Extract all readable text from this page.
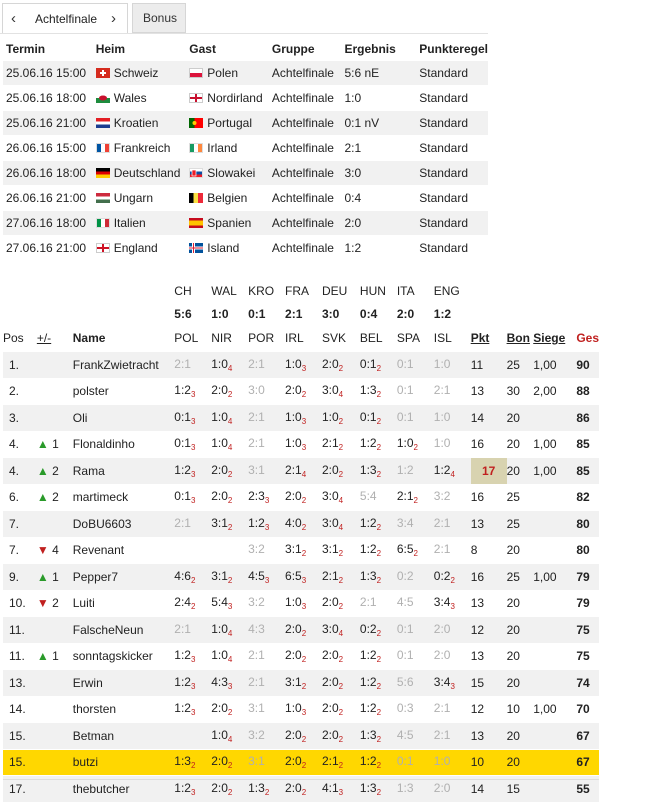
‹ Achtelfinale ›	Bonus
Termin	Heim	Gast	Gruppe	Ergebnis	Punkteregel
25.06.16 15:00	Schweiz	Polen	Achtelfinale	5:6 nE	Standard
25.06.16 18:00	Wales	Nordirland	Achtelfinale	1:0	Standard
25.06.16 21:00	Kroatien	Portugal	Achtelfinale	0:1 nV	Standard
26.06.16 15:00	Frankreich	Irland	Achtelfinale	2:1	Standard
26.06.16 18:00	Deutschland	Slowakei	Achtelfinale	3:0	Standard
26.06.16 21:00	Ungarn	Belgien	Achtelfinale	0:4	Standard
27.06.16 18:00	Italien	Spanien	Achtelfinale	2:0	Standard
27.06.16 21:00	England	Island	Achtelfinale	1:2	Standard
			CH	WAL	KRO	FRA	DEU	HUN	ITA	ENG				
			5:6	1:0	0:1	2:1	3:0	0:4	2:0	1:2				
Pos	+/-	Name	POL	NIR	POR	IRL	SVK	BEL	SPA	ISL	Pkt	Bon	Siege	Ges
1.		FrankZwietracht	2:1	$1:0_4$	2:1	$1:0_3$	$2:0_2$	$0:1_2$	0:1	1:0	11	25	1,00	90
2.		polster	$1:2_3$	$2:0_2$	3:0	$2:0_2$	$3:0_4$	$1:3_2$	0:1	2:1	13	30	2,00	88
3.		Oli	$0:1_3$	$1:0_4$	2:1	$1:0_3$	$1:0_2$	$0:1_2$	0:1	1:0	14	20		86
4.	▲ 1	Flonaldinho	$0:1_3$	$1:0_4$	2:1	$1:0_3$	$2:1_2$	$1:2_2$	$1:0_2$	1:0	16	20	1,00	85
4.	▲ 2	Rama	$1:2_3$	$2:0_2$	3:1	$2:1_4$	$2:0_2$	$1:3_2$	1:2	$1:2_4$	17	20	1,00	85
6.	▲ 2	martimeck	$0:1_3$	$2:0_2$	$2:3_3$	$2:0_2$	$3:0_4$	5:4	$2:1_2$	3:2	16	25		82
7.		DoBU6603	2:1	$3:1_2$	$1:2_3$	$4:0_2$	$3:0_4$	$1:2_2$	3:4	2:1	13	25		80
7.	▼ 4	Revenant			3:2	$3:1_2$	$3:1_2$	$1:2_2$	$6:5_2$	2:1	8	20		80
9.	▲ 1	Pepper7	$4:6_2$	$3:1_2$	$4:5_3$	$6:5_3$	$2:1_2$	$1:3_2$	0:2	$0:2_2$	16	25	1,00	79
10.	▼ 2	Luiti	$2:4_2$	$5:4_3$	3:2	$1:0_3$	$2:0_2$	2:1	4:5	$3:4_3$	13	20		79
11.		FalscheNeun	2:1	$1:0_4$	4:3	$2:0_2$	$3:0_4$	$0:2_2$	0:1	2:0	12	20		75
11.	▲ 1	sonntagskicker	$1:2_3$	$1:0_4$	2:1	$2:0_2$	$2:0_2$	$1:2_2$	0:1	2:0	13	20		75
13.		Erwin	$1:2_3$	$4:3_3$	2:1	$3:1_2$	$2:0_2$	$1:2_2$	5:6	$3:4_3$	15	20		74
14.		thorsten	$1:2_3$	$2:0_2$	3:1	$1:0_3$	$2:0_2$	$1:2_2$	0:3	2:1	12	10	1,00	70
15.		Betman		$1:0_4$	3:2	$2:0_2$	$2:0_2$	$1:3_2$	4:5	2:1	13	20		67
15.		butzi	$1:3_2$	$2:0_2$	3:1	$2:0_2$	$2:1_2$	$1:2_2$	0:1	1:0	10	20		67
17.		thebutcher	$1:2_3$	$2:0_2$	$1:3_2$	$2:0_2$	$4:1_3$	$1:3_2$	1:3	2:0	14	15		55
